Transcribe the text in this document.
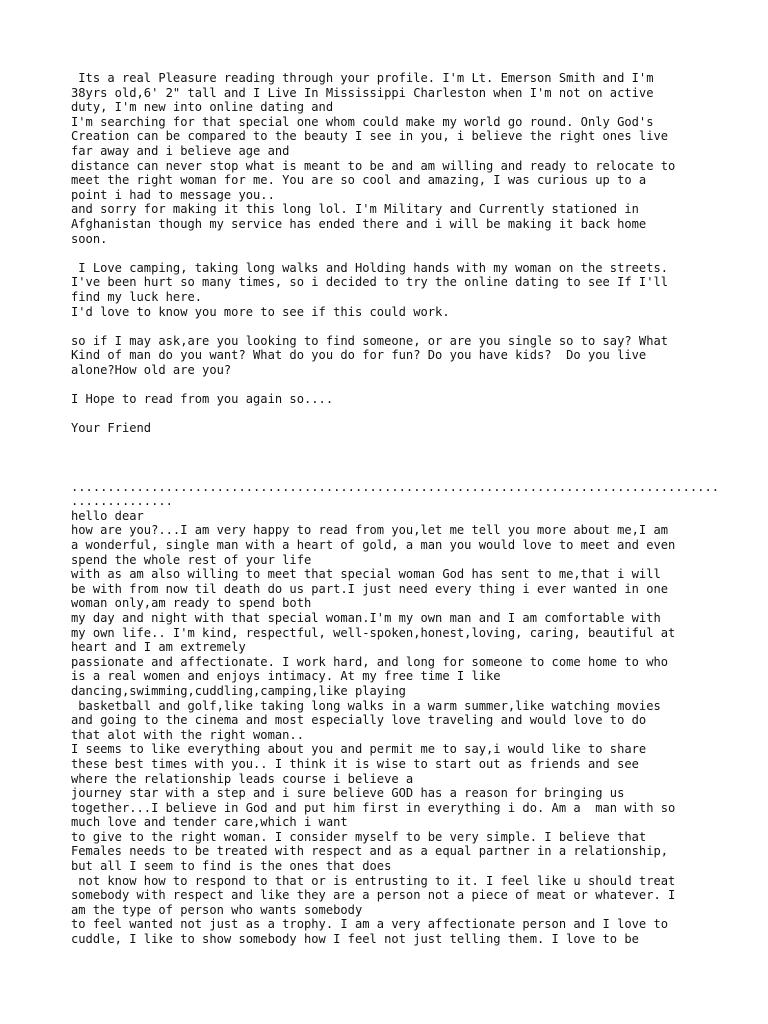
Its a real Pleasure reading through your profile. I'm Lt. Emerson Smith and I'm
38yrs old,6' 2" tall and I Live In Mississippi Charleston when I'm not on active
duty, I'm new into online dating and
I'm searching for that special one whom could make my world go round. Only God's
Creation can be compared to the beauty I see in you, i believe the right ones live
far away and i believe age and
distance can never stop what is meant to be and am willing and ready to relocate to
meet the right woman for me. You are so cool and amazing, I was curious up to a
point i had to message you..
and sorry for making it this long lol. I'm Military and Currently stationed in
Afghanistan though my service has ended there and i will be making it back home
soon.
I Love camping, taking long walks and Holding hands with my woman on the streets.
I've been hurt so many times, so i decided to try the online dating to see If I'll
find my luck here.
I'd love to know you more to see if this could work.
so if I may ask,are you looking to find someone, or are you single so to say? What
Kind of man do you want? What do you do for fun? Do you have kids?  Do you live
alone?How old are you?
I Hope to read from you again so....
Your Friend
.........................................................................................
..............
hello dear
how are you?...I am very happy to read from you,let me tell you more about me,I am
a wonderful, single man with a heart of gold, a man you would love to meet and even
spend the whole rest of your life
with as am also willing to meet that special woman God has sent to me,that i will
be with from now til death do us part.I just need every thing i ever wanted in one
woman only,am ready to spend both
my day and night with that special woman.I'm my own man and I am comfortable with
my own life.. I'm kind, respectful, well-spoken,honest,loving, caring, beautiful at
heart and I am extremely
passionate and affectionate. I work hard, and long for someone to come home to who
is a real women and enjoys intimacy. At my free time I like
dancing,swimming,cuddling,camping,like playing
basketball and golf,like taking long walks in a warm summer,like watching movies
and going to the cinema and most especially love traveling and would love to do
that alot with the right woman..
I seems to like everything about you and permit me to say,i would like to share
these best times with you.. I think it is wise to start out as friends and see
where the relationship leads course i believe a
journey star with a step and i sure believe GOD has a reason for bringing us
together...I believe in God and put him first in everything i do. Am a  man with so
much love and tender care,which i want
to give to the right woman. I consider myself to be very simple. I believe that
Females needs to be treated with respect and as a equal partner in a relationship,
but all I seem to find is the ones that does
not know how to respond to that or is entrusting to it. I feel like u should treat
somebody with respect and like they are a person not a piece of meat or whatever. I
am the type of person who wants somebody
to feel wanted not just as a trophy. I am a very affectionate person and I love to
cuddle, I like to show somebody how I feel not just telling them. I love to be
